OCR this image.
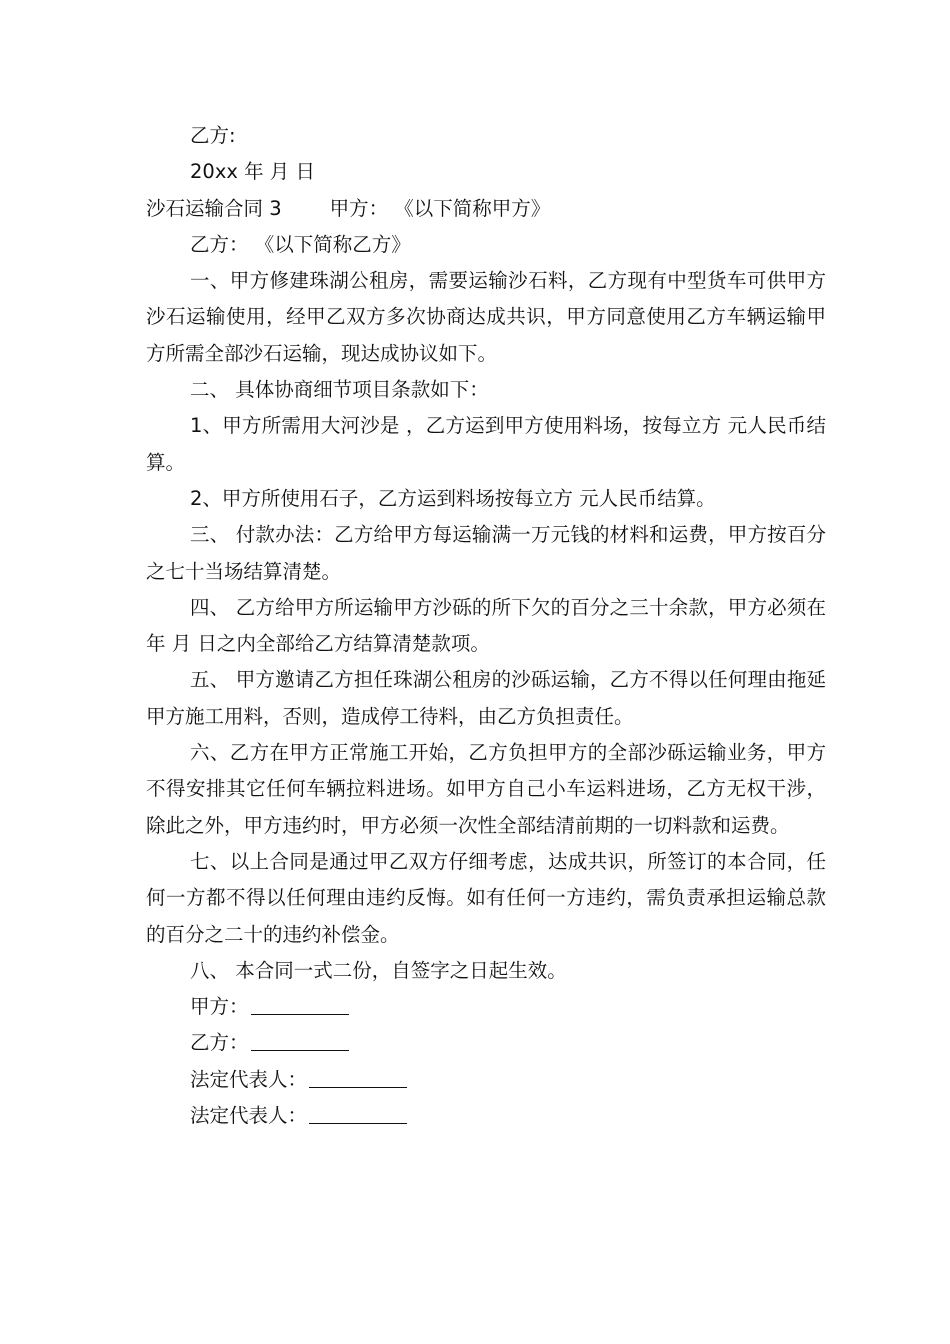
乙方:
20xx 年 月 日
沙石运输合同 3 甲方： 《以下简称甲方》
乙方： 《以下简称乙方》

一、甲方修建珠湖公租房，需要运输沙石料，乙方现有中型货车可供甲方沙石运输使用，经甲乙双方多次协商达成共识，甲方同意使用乙方车辆运输甲方所需全部沙石运输，现达成协议如下。

二、 具体协商细节项目条款如下：

1、甲方所需用大河沙是 ，乙方运到甲方使用料场，按每立方 元人民币结算。

2、甲方所使用石子，乙方运到料场按每立方 元人民币结算。

三、 付款办法：乙方给甲方每运输满一万元钱的材料和运费，甲方按百分之七十当场结算清楚。

四、 乙方给甲方所运输甲方沙砾的所下欠的百分之三十余款，甲方必须在 年 月 日之内全部给乙方结算清楚款项。

五、 甲方邀请乙方担任珠湖公租房的沙砾运输，乙方不得以任何理由拖延甲方施工用料，否则，造成停工待料，由乙方负担责任。

六、乙方在甲方正常施工开始，乙方负担甲方的全部沙砾运输业务，甲方不得安排其它任何车辆拉料进场。如甲方自己小车运料进场，乙方无权干涉，除此之外，甲方违约时，甲方必须一次性全部结清前期的一切料款和运费。

七、以上合同是通过甲乙双方仔细考虑，达成共识，所签订的本合同，任何一方都不得以任何理由违约反悔。如有任何一方违约，需负责承担运输总款的百分之二十的违约补偿金。

八、 本合同一式二份，自签字之日起生效。

甲方：
乙方：
法定代表人：
法定代表人：
